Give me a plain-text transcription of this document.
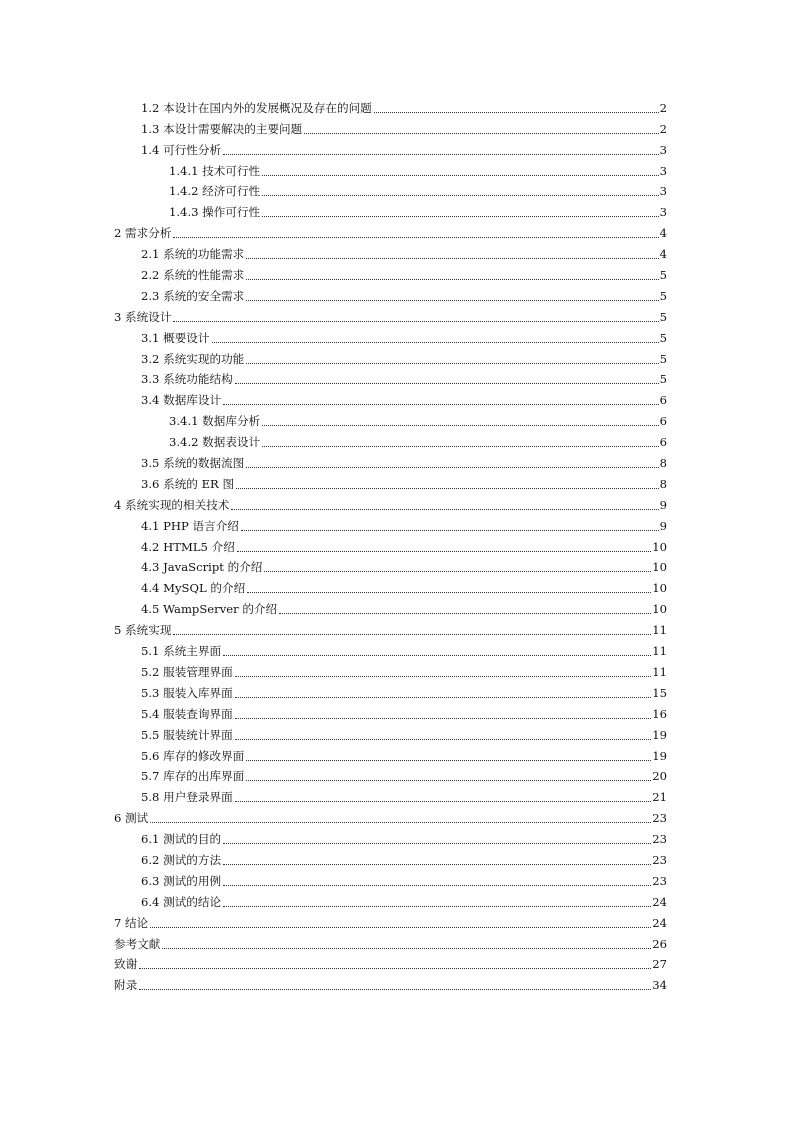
1.2 本设计在国内外的发展概况及存在的问题	2
1.3 本设计需要解决的主要问题	2
1.4 可行性分析	3
1.4.1 技术可行性	3
1.4.2 经济可行性	3
1.4.3 操作可行性	3
2 需求分析	4
2.1 系统的功能需求	4
2.2 系统的性能需求	5
2.3 系统的安全需求	5
3 系统设计	5
3.1 概要设计	5
3.2 系统实现的功能	5
3.3 系统功能结构	5
3.4 数据库设计	6
3.4.1 数据库分析	6
3.4.2 数据表设计	6
3.5 系统的数据流图	8
3.6 系统的 ER 图	8
4 系统实现的相关技术	9
4.1 PHP 语言介绍	9
4.2 HTML5 介绍	10
4.3 JavaScript 的介绍	10
4.4 MySQL 的介绍	10
4.5 WampServer 的介绍	10
5 系统实现	11
5.1 系统主界面	11
5.2 服装管理界面	11
5.3 服装入库界面	15
5.4 服装查询界面	16
5.5 服装统计界面	19
5.6 库存的修改界面	19
5.7 库存的出库界面	20
5.8 用户登录界面	21
6 测试	23
6.1 测试的目的	23
6.2 测试的方法	23
6.3 测试的用例	23
6.4 测试的结论	24
7 结论	24
参考文献	26
致谢	27
附录	34
